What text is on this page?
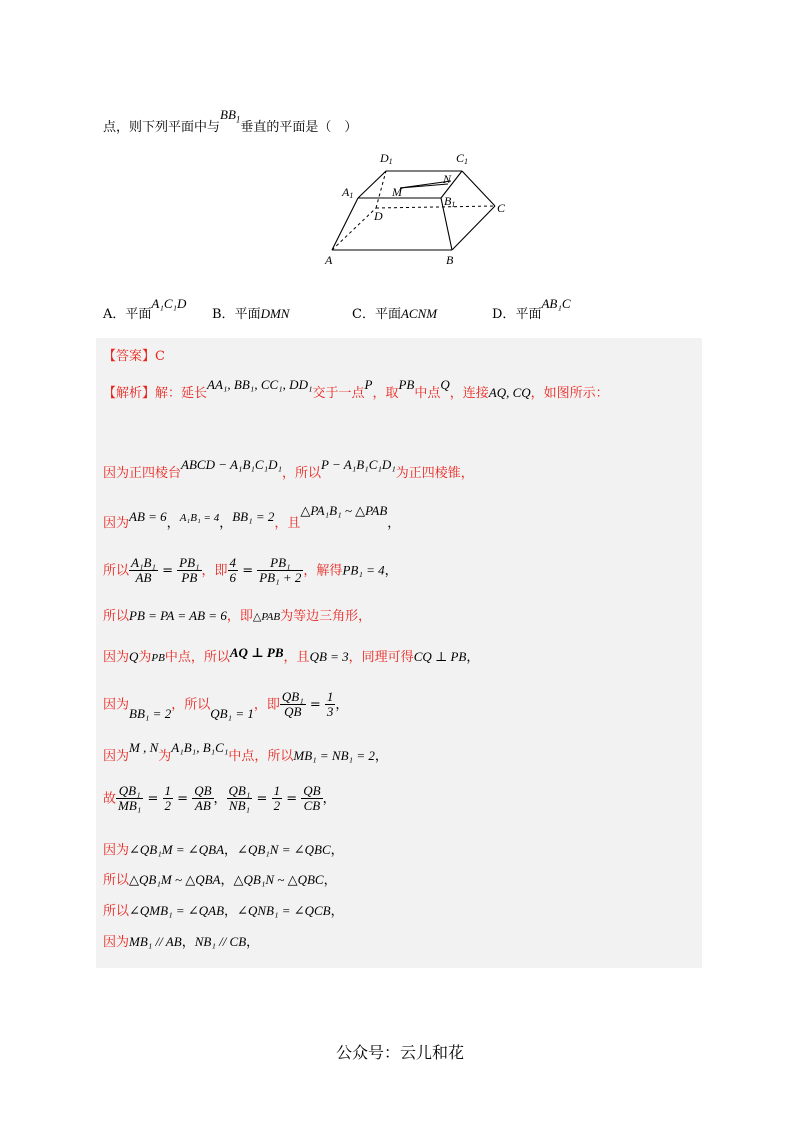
点，则下列平面中与$BB_1$垂直的平面是（　）
D1	C1
A1	M
N
B1
D
C
A	B
A．平面A₁C₁D
B．平面DMN	C．平面ACNM	D．平面AB₁C
【答案】C
【解析】解：延长AA₁, BB₁, CC₁, DD₁交于一点P，取PB中点Q，连接AQ, CQ，如图所示：
因为正四棱台ABCD − A₁B₁C₁D₁，所以P − A₁B₁C₁D₁为正四棱锥，
因为AB = 6，$^{A_1B_1 = 4}$，BB₁ = 2，且△PA₁B₁ ~ △PAB，
所以 $\frac{\text{A₁B₁}}{AB} = \frac{\text{PB₁}}{PB}$ ，即 $\frac{4}{6} = \frac{\text{PB₁}}{\text{PB₁ + 2}}$ ，解得PB₁ = 4，
所以PB = PA = AB = 6，即△PAB为等边三角形，
因为Q为PB中点，所以AQ ⊥ PB，且QB = 3，同理可得CQ ⊥ PB，
因为BB₁ = 2，所以QB₁ = 1，即 $\frac{\text{QB₁}}{QB} = \frac{1}{3}$ ，
因为M , N为A₁B₁, B₁C₁中点，所以MB₁ = NB₁ = 2，
故 $\frac{\text{QB₁}}{\text{MB₁}} = \frac{1}{2} = \frac{QB}{AB}$ ， $\frac{\text{QB₁}}{\text{NB₁}} = \frac{1}{2} = \frac{QB}{CB}$ ，
因为∠QB₁M = ∠QBA，∠QB₁N = ∠QBC，
所以△QB₁M ~ △QBA，△QB₁N ~ △QBC，
所以∠QMB₁ = ∠QAB，∠QNB₁ = ∠QCB，
因为MB₁ // AB，NB₁ // CB，
公众号：云儿和花
